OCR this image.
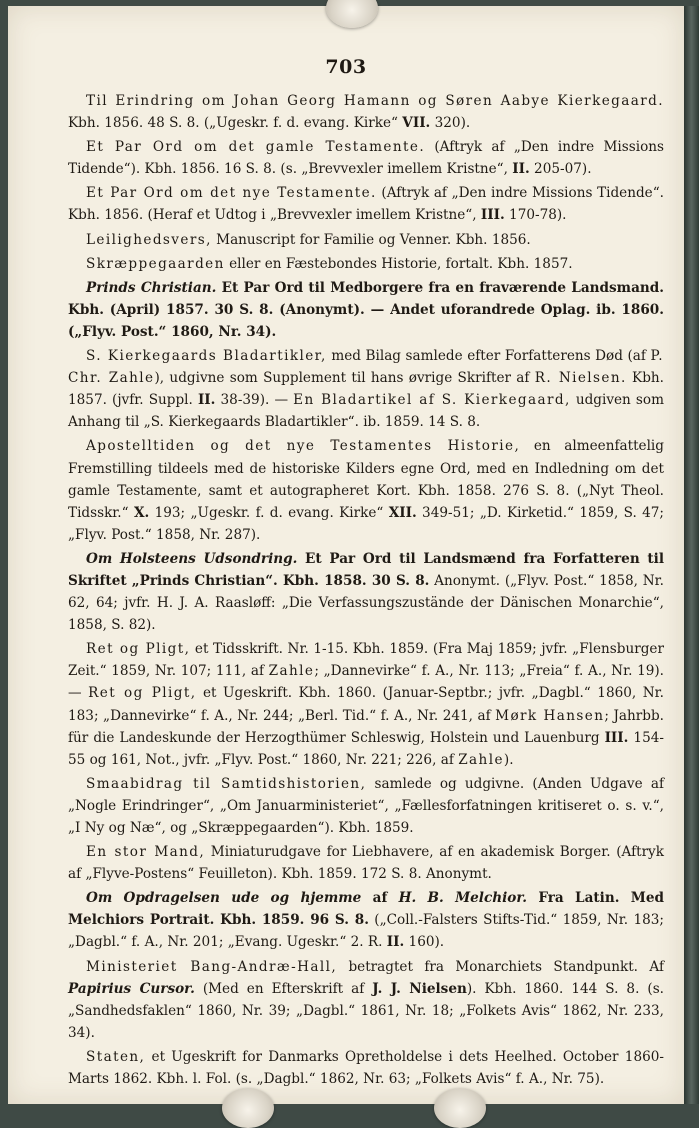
703

Til Erindring om Johan Georg Hamann og Søren Aabye Kierkegaard. Kbh. 1856. 48 S. 8. („Ugeskr. f. d. evang. Kirke“ VII. 320).

Et Par Ord om det gamle Testamente. (Aftryk af „Den indre Missions Tidende“). Kbh. 1856. 16 S. 8. (s. „Brevvexler imellem Kristne“, II. 205-07).

Et Par Ord om det nye Testamente. (Aftryk af „Den indre Missions Tidende“. Kbh. 1856. (Heraf et Udtog i „Brevvexler imellem Kristne“, III. 170-78).

Leilighedsvers, Manuscript for Familie og Venner. Kbh. 1856.

Skræppegaarden eller en Fæstebondes Historie, fortalt. Kbh. 1857.

Prinds Christian. Et Par Ord til Medborgere fra en fraværende Landsmand. Kbh. (April) 1857. 30 S. 8. (Anonymt). — Andet uforandrede Oplag. ib. 1860. („Flyv. Post.“ 1860, Nr. 34).

S. Kierkegaards Bladartikler, med Bilag samlede efter Forfatterens Død (af P. Chr. Zahle), udgivne som Supplement til hans øvrige Skrifter af R. Nielsen. Kbh. 1857. (jvfr. Suppl. II. 38-39). — En Bladartikel af S. Kierkegaard, udgiven som Anhang til „S. Kierkegaards Bladartikler“. ib. 1859. 14 S. 8.

Apostelltiden og det nye Testamentes Historie, en almeenfattelig Fremstilling tildeels med de historiske Kilders egne Ord, med en Indledning om det gamle Testamente, samt et autographeret Kort. Kbh. 1858. 276 S. 8. („Nyt Theol. Tidsskr.“ X. 193; „Ugeskr. f. d. evang. Kirke“ XII. 349-51; „D. Kirketid.“ 1859, S. 47; „Flyv. Post.“ 1858, Nr. 287).

Om Holsteens Udsondring. Et Par Ord til Landsmænd fra Forfatteren til Skriftet „Prinds Christian“. Kbh. 1858. 30 S. 8. Anonymt. („Flyv. Post.“ 1858, Nr. 62, 64; jvfr. H. J. A. Raasløff: „Die Verfassungszustände der Dänischen Monarchie“, 1858, S. 82).

Ret og Pligt, et Tidsskrift. Nr. 1-15. Kbh. 1859. (Fra Maj 1859; jvfr. „Flensburger Zeit.“ 1859, Nr. 107; 111, af Zahle; „Dannevirke“ f. A., Nr. 113; „Freia“ f. A., Nr. 19). — Ret og Pligt, et Ugeskrift. Kbh. 1860. (Januar-Septbr.; jvfr. „Dagbl.“ 1860, Nr. 183; „Dannevirke“ f. A., Nr. 244; „Berl. Tid.“ f. A., Nr. 241, af Mørk Hansen; Jahrbb. für die Landeskunde der Herzogthümer Schleswig, Holstein und Lauenburg III. 154-55 og 161, Not., jvfr. „Flyv. Post.“ 1860, Nr. 221; 226, af Zahle).

Smaabidrag til Samtidshistorien, samlede og udgivne. (Anden Udgave af „Nogle Erindringer“, „Om Januarministeriet“, „Fællesforfatningen kritiseret o. s. v.“, „I Ny og Næ“, og „Skræppegaarden“). Kbh. 1859.

En stor Mand, Miniaturudgave for Liebhavere, af en akademisk Borger. (Aftryk af „Flyve-Postens“ Feuilleton). Kbh. 1859. 172 S. 8. Anonymt.

Om Opdragelsen ude og hjemme af H. B. Melchior. Fra Latin. Med Melchiors Portrait. Kbh. 1859. 96 S. 8. („Coll.-Falsters Stifts-Tid.“ 1859, Nr. 183; „Dagbl.“ f. A., Nr. 201; „Evang. Ugeskr.“ 2. R. II. 160).

Ministeriet Bang-Andræ-Hall, betragtet fra Monarchiets Standpunkt. Af Papirius Cursor. (Med en Efterskrift af J. J. Nielsen). Kbh. 1860. 144 S. 8. (s. „Sandhedsfaklen“ 1860, Nr. 39; „Dagbl.“ 1861, Nr. 18; „Folkets Avis“ 1862, Nr. 233, 34).

Staten, et Ugeskrift for Danmarks Opretholdelse i dets Heelhed. October 1860-Marts 1862. Kbh. l. Fol. (s. „Dagbl.“ 1862, Nr. 63; „Folkets Avis“ f. A., Nr. 75).
